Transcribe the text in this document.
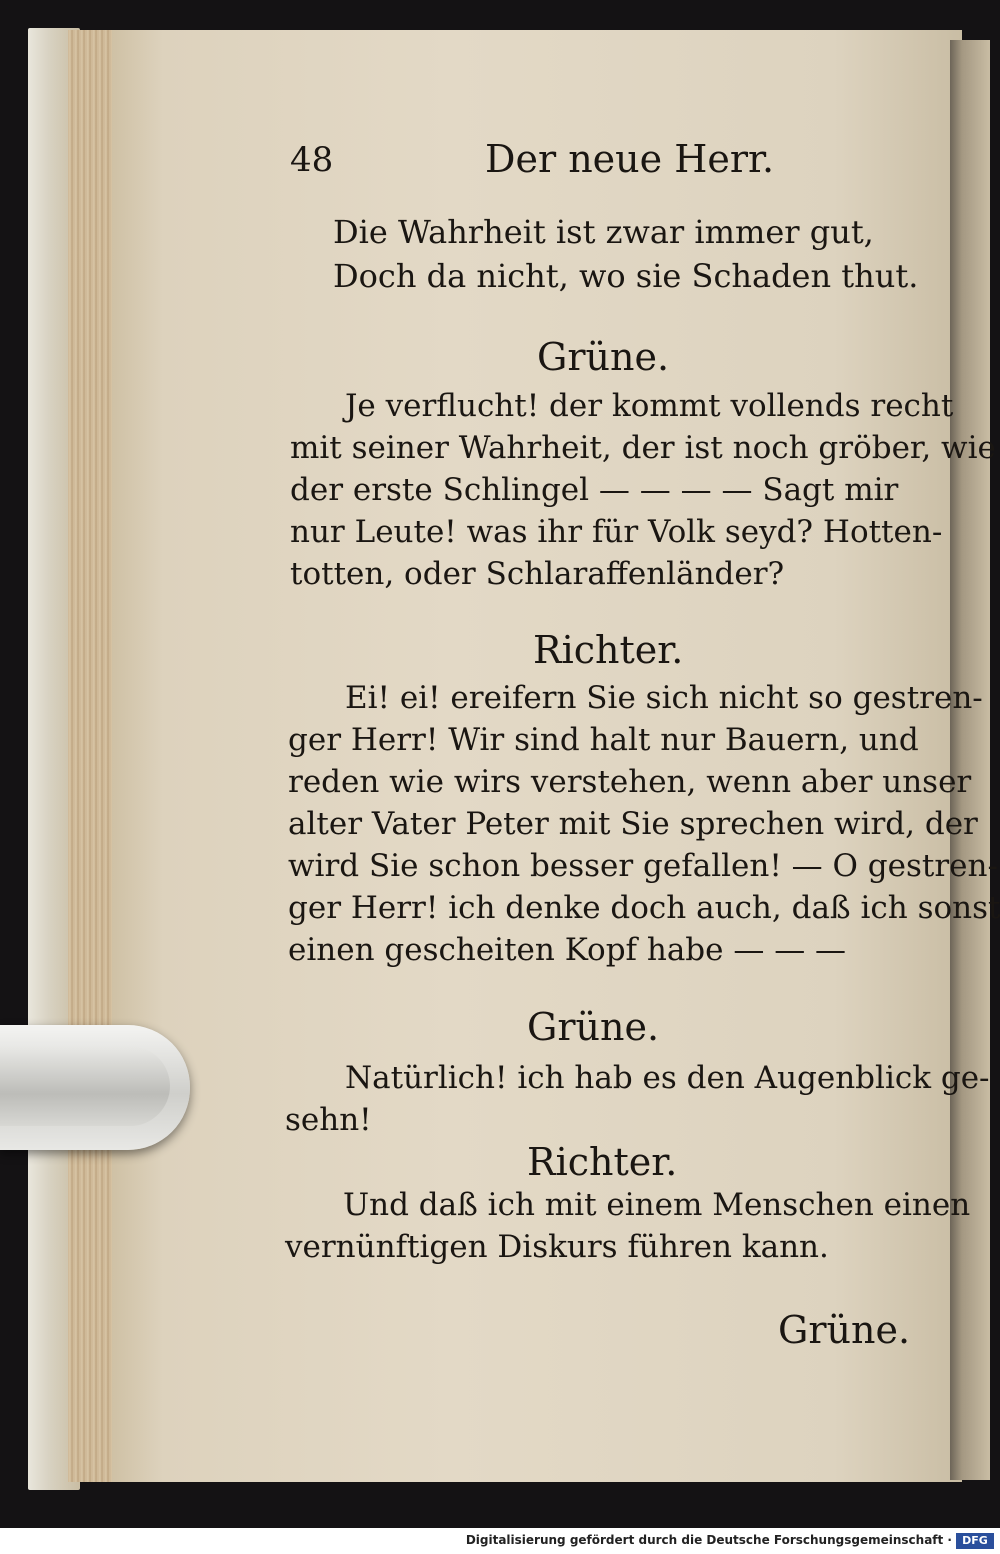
48	Der neue Herr.
Die Wahrheit ist zwar immer gut,
Doch da nicht, wo sie Schaden thut.
Grüne.
Je verflucht! der kommt vollends recht
mit seiner Wahrheit, der ist noch gröber, wie
der erste Schlingel — — — — Sagt mir
nur Leute! was ihr für Volk seyd? Hotten-
totten, oder Schlaraffenländer?
Richter.
Ei! ei! ereifern Sie sich nicht so gestren-
ger Herr! Wir sind halt nur Bauern, und
reden wie wirs verstehen, wenn aber unser
alter Vater Peter mit Sie sprechen wird, der
wird Sie schon besser gefallen! — O gestren-
ger Herr! ich denke doch auch, daß ich sonst
einen gescheiten Kopf habe — — —
Grüne.
Natürlich! ich hab es den Augenblick ge-
sehn!
Richter.
Und daß ich mit einem Menschen einen
vernünftigen Diskurs führen kann.
Grüne.
Digitalisierung gefördert durch die Deutsche Forschungsgemeinschaft · DFG
